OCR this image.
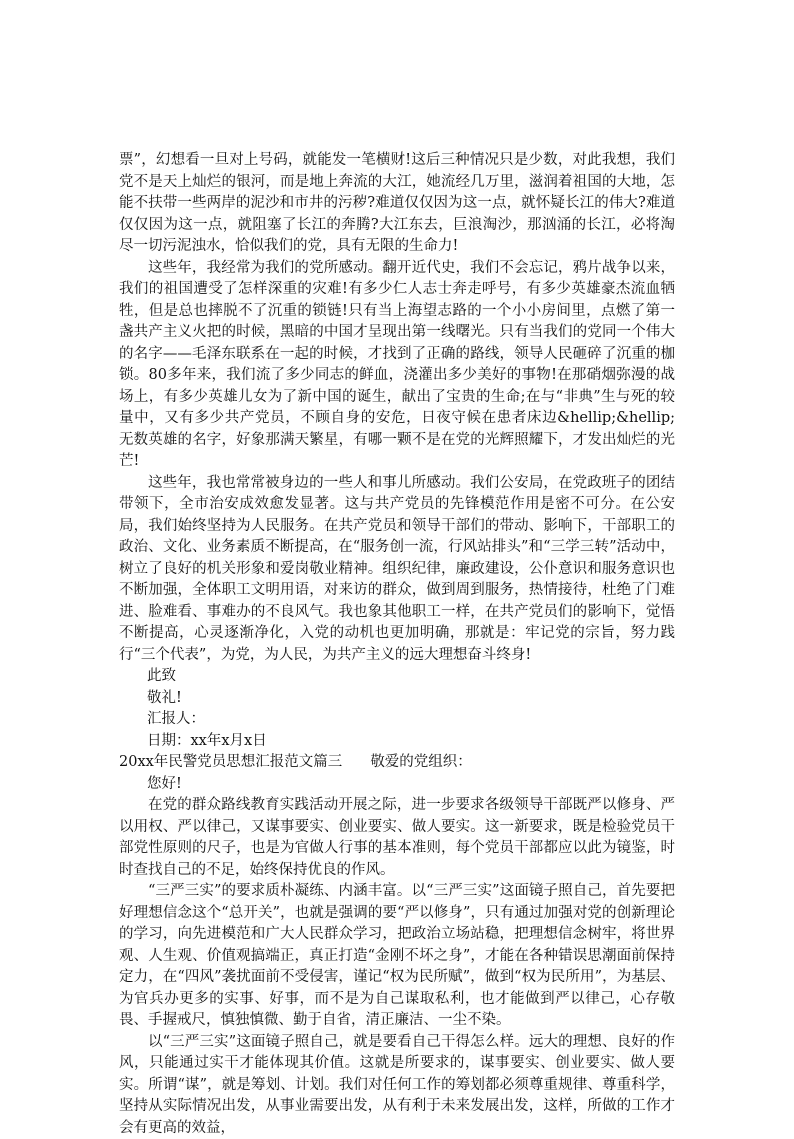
票”，幻想看一旦对上号码，就能发一笔横财!这后三种情况只是少数，对此我想，我们党不是天上灿烂的银河，而是地上奔流的大江，她流经几万里，滋润着祖国的大地，怎能不扶带一些两岸的泥沙和市井的污秽?难道仅仅因为这一点，就怀疑长江的伟大?难道仅仅因为这一点，就阻塞了长江的奔腾?大江东去，巨浪淘沙，那汹涌的长江，必将淘尽一切污泥浊水，恰似我们的党，具有无限的生命力!

这些年，我经常为我们的党所感动。翻开近代史，我们不会忘记，鸦片战争以来，我们的祖国遭受了怎样深重的灾难!有多少仁人志士奔走呼号，有多少英雄豪杰流血牺牲，但是总也摔脱不了沉重的锁链!只有当上海望志路的一个小小房间里，点燃了第一盏共产主义火把的时候，黑暗的中国才呈现出第一线曙光。只有当我们的党同一个伟大的名字——毛泽东联系在一起的时候，才找到了正确的路线，领导人民砸碎了沉重的枷锁。80多年来，我们流了多少同志的鲜血，浇灌出多少美好的事物!在那硝烟弥漫的战场上，有多少英雄儿女为了新中国的诞生，献出了宝贵的生命;在与“非典”生与死的较量中，又有多少共产党员，不顾自身的安危，日夜守候在患者床边&hellip;&hellip; 无数英雄的名字，好象那满天繁星，有哪一颗不是在党的光辉照耀下，才发出灿烂的光芒!

这些年，我也常常被身边的一些人和事儿所感动。我们公安局，在党政班子的团结带领下，全市治安成效愈发显著。这与共产党员的先锋模范作用是密不可分。在公安局，我们始终坚持为人民服务。在共产党员和领导干部们的带动、影响下，干部职工的政治、文化、业务素质不断提高，在“服务创一流，行风站排头”和“三学三转”活动中，树立了良好的机关形象和爱岗敬业精神。组织纪律，廉政建设，公仆意识和服务意识也不断加强，全体职工文明用语，对来访的群众，做到周到服务，热情接待，杜绝了门难进、脸难看、事难办的不良风气。我也象其他职工一样，在共产党员们的影响下，觉悟不断提高，心灵逐渐净化，入党的动机也更加明确，那就是：牢记党的宗旨，努力践行“三个代表”，为党，为人民，为共产主义的远大理想奋斗终身!

此致
敬礼!
汇报人：
日期：xx年x月x日
20xx年民警党员思想汇报范文篇三 敬爱的党组织：
您好!

在党的群众路线教育实践活动开展之际，进一步要求各级领导干部既严以修身、严以用权、严以律己，又谋事要实、创业要实、做人要实。这一新要求，既是检验党员干部党性原则的尺子，也是为官做人行事的基本准则，每个党员干部都应以此为镜鉴，时时查找自己的不足，始终保持优良的作风。

“三严三实”的要求质朴凝练、内涵丰富。以“三严三实”这面镜子照自己，首先要把好理想信念这个“总开关”，也就是强调的要“严以修身”，只有通过加强对党的创新理论的学习，向先进模范和广大人民群众学习，把政治立场站稳，把理想信念树牢，将世界观、人生观、价值观搞端正，真正打造“金刚不坏之身”，才能在各种错误思潮面前保持定力，在“四风”袭扰面前不受侵害，谨记“权为民所赋”，做到“权为民所用”，为基层、为官兵办更多的实事、好事，而不是为自己谋取私利，也才能做到严以律己，心存敬畏、手握戒尺，慎独慎微、勤于自省，清正廉洁、一尘不染。

以“三严三实”这面镜子照自己，就是要看自己干得怎么样。远大的理想、良好的作风，只能通过实干才能体现其价值。这就是所要求的，谋事要实、创业要实、做人要实。所谓“谋”，就是筹划、计划。我们对任何工作的筹划都必须尊重规律、尊重科学，坚持从实际情况出发，从事业需要出发，从有利于未来发展出发，这样，所做的工作才会有更高的效益，
